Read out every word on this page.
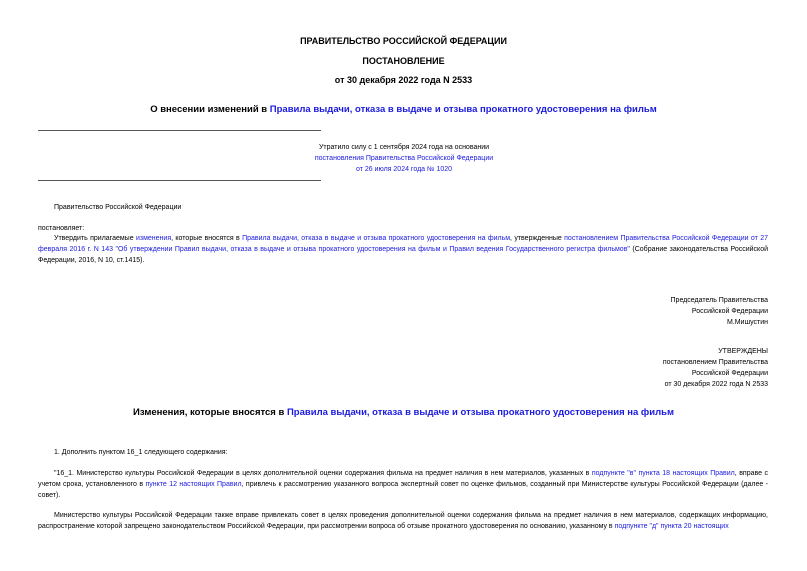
ПРАВИТЕЛЬСТВО РОССИЙСКОЙ ФЕДЕРАЦИИ
ПОСТАНОВЛЕНИЕ
от 30 декабря 2022 года N 2533
О внесении изменений в Правила выдачи, отказа в выдаче и отзыва прокатного удостоверения на фильм
Утратило силу с 1 сентября 2024 года на основании
постановления Правительства Российской Федерации
от 26 июля 2024 года № 1020
Правительство Российской Федерации
постановляет:
Утвердить прилагаемые изменения, которые вносятся в Правила выдачи, отказа в выдаче и отзыва прокатного удостоверения на фильм, утвержденные постановлением Правительства Российской Федерации от 27 февраля 2016 г. N 143 "Об утверждении Правил выдачи, отказа в выдаче и отзыва прокатного удостоверения на фильм и Правил ведения Государственного регистра фильмов" (Собрание законодательства Российской Федерации, 2016, N 10, ст.1415).
Председатель Правительства
Российской Федерации
М.Мишустин
УТВЕРЖДЕНЫ
постановлением Правительства
Российской Федерации
от 30 декабря 2022 года N 2533
Изменения, которые вносятся в Правила выдачи, отказа в выдаче и отзыва прокатного удостоверения на фильм
1. Дополнить пунктом 16_1 следующего содержания:
"16_1. Министерство культуры Российской Федерации в целях дополнительной оценки содержания фильма на предмет наличия в нем материалов, указанных в подпункте "в" пункта 18 настоящих Правил, вправе с учетом срока, установленного в пункте 12 настоящих Правил, привлечь к рассмотрению указанного вопроса экспертный совет по оценке фильмов, созданный при Министерстве культуры Российской Федерации (далее - совет).
Министерство культуры Российской Федерации также вправе привлекать совет в целях проведения дополнительной оценки содержания фильма на предмет наличия в нем материалов, содержащих информацию, распространение которой запрещено законодательством Российской Федерации, при рассмотрении вопроса об отзыве прокатного удостоверения по основанию, указанному в подпункте "д" пункта 20 настоящих
